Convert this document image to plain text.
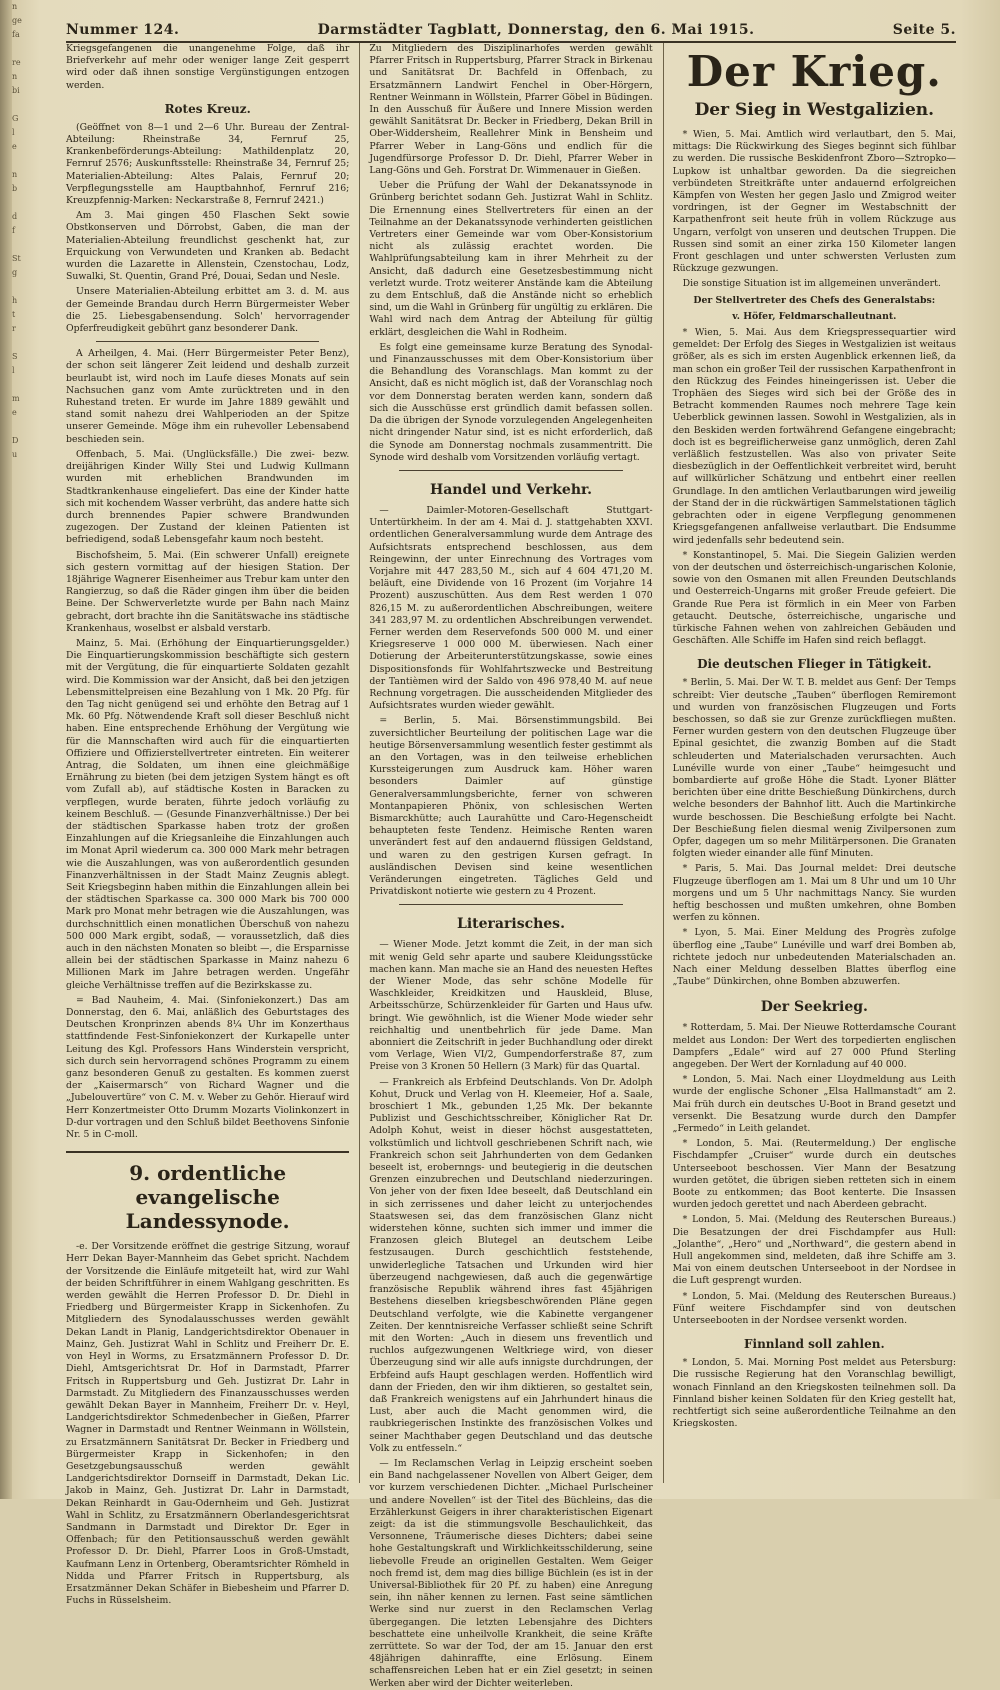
n
ge
fa

re
n
bi

G
l
e

n
b

d
f

St
g

h
t
r

S
l

m
e

D
u
Nummer 124.	Darmstädter Tagblatt, Donnerstag, den 6. Mai 1915.	Seite 5.

Kriegsgefangenen die unangenehme Folge, daß ihr Briefverkehr auf mehr oder weniger lange Zeit gesperrt wird oder daß ihnen sonstige Vergünstigungen entzogen werden.

Rotes Kreuz.

(Geöffnet von 8—1 und 2—6 Uhr. Bureau der Zentral-Abteilung: Rheinstraße 34, Fernruf 25, Krankenbeförderungs-Abteilung: Mathildenplatz 20, Fernruf 2576; Auskunftsstelle: Rheinstraße 34, Fernruf 25; Materialien-Abteilung: Altes Palais, Fernruf 20; Verpflegungsstelle am Hauptbahnhof, Fernruf 216; Kreuzpfennig-Marken: Neckarstraße 8, Fernruf 2421.)

Am 3. Mai gingen 450 Flaschen Sekt sowie Obstkonserven und Dörrobst, Gaben, die man der Materialien-Abteilung freundlichst geschenkt hat, zur Erquickung von Verwundeten und Kranken ab. Bedacht wurden die Lazarette in Allenstein, Czenstochau, Lodz, Suwalki, St. Quentin, Grand Pré, Douai, Sedan und Nesle.

Unsere Materialien-Abteilung erbittet am 3. d. M. aus der Gemeinde Brandau durch Herrn Bürgermeister Weber die 25. Liebesgabensendung. Solch' hervorragender Opferfreudigkeit gebührt ganz besonderer Dank.

A Arheilgen, 4. Mai. (Herr Bürgermeister Peter Benz), der schon seit längerer Zeit leidend und deshalb zurzeit beurlaubt ist, wird noch im Laufe dieses Monats auf sein Nachsuchen ganz vom Amte zurücktreten und in den Ruhestand treten. Er wurde im Jahre 1889 gewählt und stand somit nahezu drei Wahlperioden an der Spitze unserer Gemeinde. Möge ihm ein ruhevoller Lebensabend beschieden sein.

Offenbach, 5. Mai. (Unglücksfälle.) Die zwei- bezw. dreijährigen Kinder Willy Stei und Ludwig Kullmann wurden mit erheblichen Brandwunden im Stadtkrankenhause eingeliefert. Das eine der Kinder hatte sich mit kochendem Wasser verbrüht, das andere hatte sich durch brennendes Papier schwere Brandwunden zugezogen. Der Zustand der kleinen Patienten ist befriedigend, sodaß Lebensgefahr kaum noch besteht.

Bischofsheim, 5. Mai. (Ein schwerer Unfall) ereignete sich gestern vormittag auf der hiesigen Station. Der 18jährige Wagnerer Eisenheimer aus Trebur kam unter den Rangierzug, so daß die Räder gingen ihm über die beiden Beine. Der Schwerverletzte wurde per Bahn nach Mainz gebracht, dort brachte ihn die Sanitätswache ins städtische Krankenhaus, woselbst er alsbald verstarb.

Mainz, 5. Mai. (Erhöhung der Einquartierungsgelder.) Die Einquartierungskommission beschäftigte sich gestern mit der Vergütung, die für einquartierte Soldaten gezahlt wird. Die Kommission war der Ansicht, daß bei den jetzigen Lebensmittelpreisen eine Bezahlung von 1 Mk. 20 Pfg. für den Tag nicht genügend sei und erhöhte den Betrag auf 1 Mk. 60 Pfg. Nötwendende Kraft soll dieser Beschluß nicht haben. Eine entsprechende Erhöhung der Vergütung wie für die Mannschaften wird auch für die einquartierten Offiziere und Offizierstellvertreter eintreten. Ein weiterer Antrag, die Soldaten, um ihnen eine gleichmäßige Ernährung zu bieten (bei dem jetzigen System hängt es oft vom Zufall ab), auf städtische Kosten in Baracken zu verpflegen, wurde beraten, führte jedoch vorläufig zu keinem Beschluß. — (Gesunde Finanzverhältnisse.) Der bei der städtischen Sparkasse haben trotz der großen Einzahlungen auf die Kriegsanleihe die Einzahlungen auch im Monat April wiederum ca. 300 000 Mark mehr betragen wie die Auszahlungen, was von außerordentlich gesunden Finanzverhältnissen in der Stadt Mainz Zeugnis ablegt. Seit Kriegsbeginn haben mithin die Einzahlungen allein bei der städtischen Sparkasse ca. 300 000 Mark bis 700 000 Mark pro Monat mehr betragen wie die Auszahlungen, was durchschnittlich einen monatlichen Überschuß von nahezu 500 000 Mark ergibt, sodaß, — voraussetzlich, daß dies auch in den nächsten Monaten so bleibt —, die Ersparnisse allein bei der städtischen Sparkasse in Mainz nahezu 6 Millionen Mark im Jahre betragen werden. Ungefähr gleiche Verhältnisse treffen auf die Bezirkskasse zu.

= Bad Nauheim, 4. Mai. (Sinfoniekonzert.) Das am Donnerstag, den 6. Mai, anläßlich des Geburtstages des Deutschen Kronprinzen abends 8¼ Uhr im Konzerthaus stattfindende Fest-Sinfoniekonzert der Kurkapelle unter Leitung des Kgl. Professors Hans Winderstein verspricht, sich durch sein hervorragend schönes Programm zu einem ganz besonderen Genuß zu gestalten. Es kommen zuerst der „Kaisermarsch“ von Richard Wagner und die „Jubelouvertüre“ von C. M. v. Weber zu Gehör. Hierauf wird Herr Konzertmeister Otto Drumm Mozarts Violinkonzert in D-dur vortragen und den Schluß bildet Beethovens Sinfonie Nr. 5 in C-moll.

9. ordentliche evangelische Landessynode.

-e. Der Vorsitzende eröffnet die gestrige Sitzung, worauf Herr Dekan Bayer-Mannheim das Gebet spricht. Nachdem der Vorsitzende die Einläufe mitgeteilt hat, wird zur Wahl der beiden Schriftführer in einem Wahlgang geschritten. Es werden gewählt die Herren Professor D. Dr. Diehl in Friedberg und Bürgermeister Krapp in Sickenhofen. Zu Mitgliedern des Synodalausschusses werden gewählt Dekan Landt in Planig, Landgerichtsdirektor Obenauer in Mainz, Geh. Justizrat Wahl in Schlitz und Freiherr Dr. E. von Heyl in Worms, zu Ersatzmännern Professor D. Dr. Diehl, Amtsgerichtsrat Dr. Hof in Darmstadt, Pfarrer Fritsch in Ruppertsburg und Geh. Justizrat Dr. Lahr in Darmstadt. Zu Mitgliedern des Finanzausschusses werden gewählt Dekan Bayer in Mannheim, Freiherr Dr. v. Heyl, Landgerichtsdirektor Schmedenbecher in Gießen, Pfarrer Wagner in Darmstadt und Rentner Weinmann in Wöllstein, zu Ersatzmännern Sanitätsrat Dr. Becker in Friedberg und Bürgermeister Krapp in Sickenhofen; in den Gesetzgebungsausschuß werden gewählt Landgerichtsdirektor Dornseiff in Darmstadt, Dekan Lic. Jakob in Mainz, Geh. Justizrat Dr. Lahr in Darmstadt, Dekan Reinhardt in Gau-Odernheim und Geh. Justizrat Wahl in Schlitz, zu Ersatzmännern Oberlandesgerichtsrat Sandmann in Darmstadt und Direktor Dr. Eger in Offenbach; für den Petitionsausschuß werden gewählt Professor D. Dr. Diehl, Pfarrer Loos in Groß-Umstadt, Kaufmann Lenz in Ortenberg, Oberamtsrichter Römheld in Nidda und Pfarrer Fritsch in Ruppertsburg, als Ersatzmänner Dekan Schäfer in Biebesheim und Pfarrer D. Fuchs in Rüsselsheim.

Zu Mitgliedern des Disziplinarhofes werden gewählt Pfarrer Fritsch in Ruppertsburg, Pfarrer Strack in Birkenau und Sanitätsrat Dr. Bachfeld in Offenbach, zu Ersatzmännern Landwirt Fenchel in Ober-Hörgern, Rentner Weinmann in Wöllstein, Pfarrer Göbel in Büdingen. In den Ausschuß für Äußere und Innere Mission werden gewählt Sanitätsrat Dr. Becker in Friedberg, Dekan Brill in Ober-Widdersheim, Reallehrer Mink in Bensheim und Pfarrer Weber in Lang-Göns und endlich für die Jugendfürsorge Professor D. Dr. Diehl, Pfarrer Weber in Lang-Göns und Geh. Forstrat Dr. Wimmenauer in Gießen.

Ueber die Prüfung der Wahl der Dekanatssynode in Grünberg berichtet sodann Geh. Justizrat Wahl in Schlitz. Die Ernennung eines Stellvertreters für einen an der Teilnahme an der Dekanatssynode verhinderten geistlichen Vertreters einer Gemeinde war vom Ober-Konsistorium nicht als zulässig erachtet worden. Die Wahlprüfungsabteilung kam in ihrer Mehrheit zu der Ansicht, daß dadurch eine Gesetzesbestimmung nicht verletzt wurde. Trotz weiterer Anstände kam die Abteilung zu dem Entschluß, daß die Anstände nicht so erheblich sind, um die Wahl in Grünberg für ungültig zu erklären. Die Wahl wird nach dem Antrag der Abteilung für gültig erklärt, desgleichen die Wahl in Rodheim.

Es folgt eine gemeinsame kurze Beratung des Synodal- und Finanzausschusses mit dem Ober-Konsistorium über die Behandlung des Voranschlags. Man kommt zu der Ansicht, daß es nicht möglich ist, daß der Voranschlag noch vor dem Donnerstag beraten werden kann, sondern daß sich die Ausschüsse erst gründlich damit befassen sollen. Da die übrigen der Synode vorzulegenden Angelegenheiten nicht dringender Natur sind, ist es nicht erforderlich, daß die Synode am Donnerstag nochmals zusammentritt. Die Synode wird deshalb vom Vorsitzenden vorläufig vertagt.

Handel und Verkehr.

— Daimler-Motoren-Gesellschaft Stuttgart-Untertürkheim. In der am 4. Mai d. J. stattgehabten XXVI. ordentlichen Generalversammlung wurde dem Antrage des Aufsichtsrats entsprechend beschlossen, aus dem Reingewinn, der unter Einrechnung des Vortrages vom Vorjahre mit 447 283,50 M., sich auf 4 604 471,20 M. beläuft, eine Dividende von 16 Prozent (im Vorjahre 14 Prozent) auszuschütten. Aus dem Rest werden 1 070 826,15 M. zu außerordentlichen Abschreibungen, weitere 341 283,97 M. zu ordentlichen Abschreibungen verwendet. Ferner werden dem Reservefonds 500 000 M. und einer Kriegsreserve 1 000 000 M. überwiesen. Nach einer Dotierung der Arbeiterunterstützungskasse, sowie eines Dispositionsfonds für Wohlfahrtszwecke und Bestreitung der Tantièmen wird der Saldo von 496 978,40 M. auf neue Rechnung vorgetragen. Die ausscheidenden Mitglieder des Aufsichtsrates wurden wieder gewählt.

= Berlin, 5. Mai. Börsenstimmungsbild. Bei zuversichtlicher Beurteilung der politischen Lage war die heutige Börsenversammlung wesentlich fester gestimmt als an den Vortagen, was in den teilweise erheblichen Kurssteigerungen zum Ausdruck kam. Höher waren besonders Daimler auf günstige Generalversammlungsberichte, ferner von schweren Montanpapieren Phönix, von schlesischen Werten Bismarckhütte; auch Laurahütte und Caro-Hegenscheidt behaupteten feste Tendenz. Heimische Renten waren unverändert fest auf den andauernd flüssigen Geldstand, und waren zu den gestrigen Kursen gefragt. In ausländischen Devisen sind keine wesentlichen Veränderungen eingetreten. Tägliches Geld und Privatdiskont notierte wie gestern zu 4 Prozent.

Literarisches.

— Wiener Mode. Jetzt kommt die Zeit, in der man sich mit wenig Geld sehr aparte und saubere Kleidungsstücke machen kann. Man mache sie an Hand des neuesten Heftes der Wiener Mode, das sehr schöne Modelle für Waschkleider, Kreidkitzen und Hauskleid, Bluse, Arbeitsschürze, Schürzenkleider für Garten und Haus ufw. bringt. Wie gewöhnlich, ist die Wiener Mode wieder sehr reichhaltig und unentbehrlich für jede Dame. Man abonniert die Zeitschrift in jeder Buchhandlung oder direkt vom Verlage, Wien VI/2, Gumpendorferstraße 87, zum Preise von 3 Kronen 50 Hellern (3 Mark) für das Quartal.

— Frankreich als Erbfeind Deutschlands. Von Dr. Adolph Kohut, Druck und Verlag von H. Kleemeier, Hof a. Saale, broschiert 1 Mk., gebunden 1,25 Mk. Der bekannte Publizist und Geschichtsschreiber, Königlicher Rat Dr. Adolph Kohut, weist in dieser höchst ausgestatteten, volkstümlich und lichtvoll geschriebenen Schrift nach, wie Frankreich schon seit Jahrhunderten von dem Gedanken beseelt ist, erobernngs- und beutegierig in die deutschen Grenzen einzubrechen und Deutschland niederzuringen. Von jeher von der fixen Idee beseelt, daß Deutschland ein in sich zerrissenes und daher leicht zu unterjochendes Staatswesen sei, das dem französischen Glanz nicht widerstehen könne, suchten sich immer und immer die Franzosen gleich Blutegel an deutschem Leibe festzusaugen. Durch geschichtlich feststehende, unwiderlegliche Tatsachen und Urkunden wird hier überzeugend nachgewiesen, daß auch die gegenwärtige französische Republik während ihres fast 45jährigen Bestehens dieselben kriegsbeschwörenden Pläne gegen Deutschland verfolgte, wie die Kabinette vergangener Zeiten. Der kenntnisreiche Verfasser schließt seine Schrift mit den Worten: „Auch in diesem uns freventlich und ruchlos aufgezwungenen Weltkriege wird, von dieser Überzeugung sind wir alle aufs innigste durchdrungen, der Erbfeind aufs Haupt geschlagen werden. Hoffentlich wird dann der Frieden, den wir ihm diktieren, so gestaltet sein, daß Frankreich wenigstens auf ein Jahrhundert hinaus die Lust, aber auch die Macht genommen wird, die raubkriegerischen Instinkte des französischen Volkes und seiner Machthaber gegen Deutschland und das deutsche Volk zu entfesseln.“

— Im Reclamschen Verlag in Leipzig erscheint soeben ein Band nachgelassener Novellen von Albert Geiger, dem vor kurzem verschiedenen Dichter. „Michael Purlscheiner und andere Novellen“ ist der Titel des Büchleins, das die Erzählerkunst Geigers in ihrer charakteristischen Eigenart zeigt: da ist die stimmungsvolle Beschaulichkeit, das Versonnene, Träumerische dieses Dichters; dabei seine hohe Gestaltungskraft und Wirklichkeitsschilderung, seine liebevolle Freude an originellen Gestalten. Wem Geiger noch fremd ist, dem mag dies billige Büchlein (es ist in der Universal-Bibliothek für 20 Pf. zu haben) eine Anregung sein, ihn näher kennen zu lernen. Fast seine sämtlichen Werke sind nur zuerst in den Reclamschen Verlag übergegangen. Die letzten Lebensjahre des Dichters beschattete eine unheilvolle Krankheit, die seine Kräfte zerrüttete. So war der Tod, der am 15. Januar den erst 48jährigen dahinraffte, eine Erlösung. Einem schaffensreichen Leben hat er ein Ziel gesetzt; in seinen Werken aber wird der Dichter weiterleben.

Der Krieg.
Der Sieg in Westgalizien.

* Wien, 5. Mai. Amtlich wird verlautbart, den 5. Mai, mittags: Die Rückwirkung des Sieges beginnt sich fühlbar zu werden. Die russische Beskidenfront Zboro—Sztropko—Lupkow ist unhaltbar geworden. Da die siegreichen verbündeten Streitkräfte unter andauernd erfolgreichen Kämpfen von Westen her gegen Jaslo und Zmigrod weiter vordringen, ist der Gegner im Westabschnitt der Karpathenfront seit heute früh in vollem Rückzuge aus Ungarn, verfolgt von unseren und deutschen Truppen. Die Russen sind somit an einer zirka 150 Kilometer langen Front geschlagen und unter schwersten Verlusten zum Rückzuge gezwungen.

Die sonstige Situation ist im allgemeinen unverändert.

Der Stellvertreter des Chefs des Generalstabs:
v. Höfer, Feldmarschalleutnant.

* Wien, 5. Mai. Aus dem Kriegspressequartier wird gemeldet: Der Erfolg des Sieges in Westgalizien ist weitaus größer, als es sich im ersten Augenblick erkennen ließ, da man schon ein großer Teil der russischen Karpathenfront in den Rückzug des Feindes hineingerissen ist. Ueber die Trophäen des Sieges wird sich bei der Größe des in Betracht kommenden Raumes noch mehrere Tage kein Ueberblick gewinnen lassen. Sowohl in Westgalizien, als in den Beskiden werden fortwährend Gefangene eingebracht; doch ist es begreiflicherweise ganz unmöglich, deren Zahl verläßlich festzustellen. Was also von privater Seite diesbezüglich in der Oeffentlichkeit verbreitet wird, beruht auf willkürlicher Schätzung und entbehrt einer reellen Grundlage. In den amtlichen Verlautbarungen wird jeweilig der Stand der in die rückwärtigen Sammelstationen täglich gebrachten oder in eigene Verpflegung genommenen Kriegsgefangenen anfallweise verlautbart. Die Endsumme wird jedenfalls sehr bedeutend sein.

* Konstantinopel, 5. Mai. Die Siegein Galizien werden von der deutschen und österreichisch-ungarischen Kolonie, sowie von den Osmanen mit allen Freunden Deutschlands und Oesterreich-Ungarns mit großer Freude gefeiert. Die Grande Rue Pera ist förmlich in ein Meer von Farben getaucht. Deutsche, österreichische, ungarische und türkische Fahnen wehen von zahlreichen Gebäuden und Geschäften. Alle Schiffe im Hafen sind reich beflaggt.

Die deutschen Flieger in Tätigkeit.

* Berlin, 5. Mai. Der W. T. B. meldet aus Genf: Der Temps schreibt: Vier deutsche „Tauben“ überflogen Remiremont und wurden von französischen Flugzeugen und Forts beschossen, so daß sie zur Grenze zurückfliegen mußten. Ferner wurden gestern von den deutschen Flugzeuge über Epinal gesichtet, die zwanzig Bomben auf die Stadt schleuderten und Materialschaden verursachten. Auch Lunéville wurde von einer „Taube“ heimgesucht und bombardierte auf große Höhe die Stadt. Lyoner Blätter berichten über eine dritte Beschießung Dünkirchens, durch welche besonders der Bahnhof litt. Auch die Martinkirche wurde beschossen. Die Beschießung erfolgte bei Nacht. Der Beschießung fielen diesmal wenig Zivilpersonen zum Opfer, dagegen um so mehr Militärpersonen. Die Granaten folgten wieder einander alle fünf Minuten.

* Paris, 5. Mai. Das Journal meldet: Drei deutsche Flugzeuge überflogen am 1. Mai um 8 Uhr und um 10 Uhr morgens und um 5 Uhr nachmittags Nancy. Sie wurden heftig beschossen und mußten umkehren, ohne Bomben werfen zu können.

* Lyon, 5. Mai. Einer Meldung des Progrès zufolge überflog eine „Taube“ Lunéville und warf drei Bomben ab, richtete jedoch nur unbedeutenden Materialschaden an. Nach einer Meldung desselben Blattes überflog eine „Taube“ Dünkirchen, ohne Bomben abzuwerfen.

Der Seekrieg.

* Rotterdam, 5. Mai. Der Nieuwe Rotterdamsche Courant meldet aus London: Der Wert des torpedierten englischen Dampfers „Edale“ wird auf 27 000 Pfund Sterling angegeben. Der Wert der Kornladung auf 40 000.

* London, 5. Mai. Nach einer Lloydmeldung aus Leith wurde der englische Schoner „Elsa Hallmanstadt“ am 2. Mai früh durch ein deutsches U-Boot in Brand gesetzt und versenkt. Die Besatzung wurde durch den Dampfer „Fermedo“ in Leith gelandet.

* London, 5. Mai. (Reutermeldung.) Der englische Fischdampfer „Cruiser“ wurde durch ein deutsches Unterseeboot beschossen. Vier Mann der Besatzung wurden getötet, die übrigen sieben retteten sich in einem Boote zu entkommen; das Boot kenterte. Die Insassen wurden jedoch gerettet und nach Aberdeen gebracht.

* London, 5. Mai. (Meldung des Reuterschen Bureaus.) Die Besatzungen der drei Fischdampfer aus Hull: „Jolanthe“, „Hero“ und „Northward“, die gestern abend in Hull angekommen sind, meldeten, daß ihre Schiffe am 3. Mai von einem deutschen Unterseeboot in der Nordsee in die Luft gesprengt wurden.

* London, 5. Mai. (Meldung des Reuterschen Bureaus.) Fünf weitere Fischdampfer sind von deutschen Unterseebooten in der Nordsee versenkt worden.

Finnland soll zahlen.

* London, 5. Mai. Morning Post meldet aus Petersburg: Die russische Regierung hat den Voranschlag bewilligt, wonach Finnland an den Kriegskosten teilnehmen soll. Da Finnland bisher keinen Soldaten für den Krieg gestellt hat, rechtfertigt sich seine außerordentliche Teilnahme an den Kriegskosten.
